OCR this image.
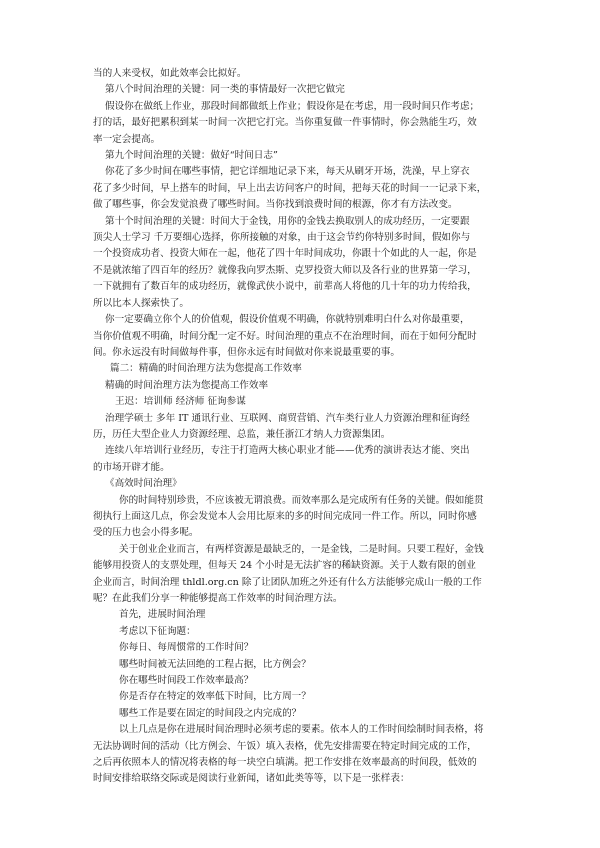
当的人来受权，如此效率会比拟好。
第八个时间治理的关键：同一类的事情最好一次把它做完
假设你在做纸上作业，那段时间都做纸上作业；假设你是在考虑，用一段时间只作考虑；
打的话，最好把累积到某一时间一次把它打完。当你重复做一件事情时，你会熟能生巧，效
率一定会提高。
第九个时间治理的关键：做好“时间日志”
你花了多少时间在哪些事情，把它详细地记录下来，每天从刷牙开场，洗澡，早上穿衣
花了多少时间，早上搭车的时间，早上出去访问客户的时间，把每天花的时间一一记录下来，
做了哪些事，你会发觉浪费了哪些时间。当你找到浪费时间的根源，你才有方法改变。
第十个时间治理的关键：时间大于金钱，用你的金钱去换取别人的成功经历，一定要跟
顶尖人士学习 千万要细心选择，你所接触的对象，由于这会节约你特别多时间，假如你与
一个投资成功者、投资大师在一起，他花了四十年时间成功，你跟十个如此的人一起，你是
不是就浓缩了四百年的经历？就像我向罗杰斯、克罗投资大师以及各行业的世界第一学习，
一下就拥有了数百年的成功经历，就像武侠小说中，前辈高人将他的几十年的功力传给我，
所以比本人探索快了。
你一定要确立你个人的价值观，假设价值观不明确，你就特别难明白什么对你最重要，
当你价值观不明确，时间分配一定不好。时间治理的重点不在治理时间，而在于如何分配时
间。你永远没有时间做每件事，但你永远有时间做对你来说最重要的事。
篇二：精确的时间治理方法为您提高工作效率
精确的时间治理方法为您提高工作效率
王迟：培训师 经济师 征询参谋
治理学硕士 多年 IT 通讯行业、互联网、商贸营销、汽车类行业人力资源治理和征询经
历，历任大型企业人力资源经理、总监，兼任浙江才纳人力资源集团。
连续八年培训行业经历，专注于打造两大核心职业才能——优秀的演讲表达才能、突出
的市场开辟才能。
《高效时间治理》
你的时间特别珍贵，不应该被无谓浪费。而效率那么是完成所有任务的关键。假如能贯
彻执行上面这几点，你会发觉本人会用比原来的多的时间完成同一件工作。所以，同时你感
受的压力也会小得多呢。
关于创业企业而言，有两样资源是最缺乏的，一是金钱，二是时间。只要工程好，金钱
能够用投资人的支票处理，但每天 24 个小时是无法扩容的稀缺资源。关于人数有限的创业
企业而言，时间治理 thldl.org.cn 除了让团队加班之外还有什么方法能够完成山一般的工作
呢？在此我们分享一种能够提高工作效率的时间治理方法。
首先，进展时间治理
考虑以下征询题：
你每日、每周惯常的工作时间？
哪些时间被无法回绝的工程占据，比方例会？
你在哪些时间段工作效率最高？
你是否存在特定的效率低下时间，比方周一？
哪些工作是要在固定的时间段之内完成的？
以上几点是你在进展时间治理时必须考虑的要素。依本人的工作时间绘制时间表格，将
无法协调时间的活动（比方例会、午饭）填入表格，优先安排需要在特定时间完成的工作，
之后再依照本人的情况将表格的每一块空白填满。把工作安排在效率最高的时间段，低效的
时间安排给联络交际或是阅读行业新闻，诸如此类等等，以下是一张样表：
